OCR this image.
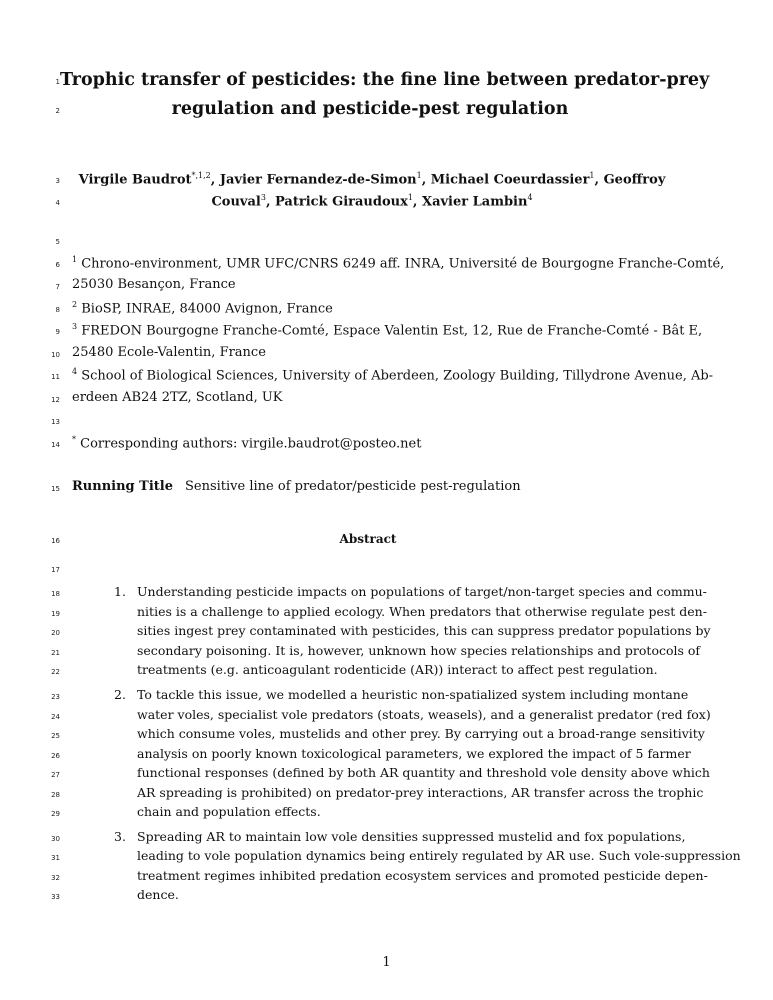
1
2
3
4
5
6
7
8
9
10
11
12
13
14
15
16
17
18
19
20
21
22
23
24
25
26
27
28
29
30
31
32
33
Trophic transfer of pesticides: the fine line between predator-prey
regulation and pesticide-pest regulation
Virgile Baudrot$^{*,1,2}$, Javier Fernandez-de-Simon$^1$, Michael Coeurdassier$^1$, Geoffroy
Couval$^3$, Patrick Giraudoux$^1$, Xavier Lambin$^4$
$^1$ Chrono-environment, UMR UFC/CNRS 6249 aff. INRA, Université de Bourgogne Franche-Comté,
25030 Besançon, France
$^2$ BioSP, INRAE, 84000 Avignon, France
$^3$ FREDON Bourgogne Franche-Comté, Espace Valentin Est, 12, Rue de Franche-Comté - Bât E,
25480 Ecole-Valentin, France
$^4$ School of Biological Sciences, University of Aberdeen, Zoology Building, Tillydrone Avenue, Ab-
erdeen AB24 2TZ, Scotland, UK
* Corresponding authors: virgile.baudrot@posteo.net
Running Title Sensitive line of predator/pesticide pest-regulation
Abstract
1. Understanding pesticide impacts on populations of target/non-target species and commu-
nities is a challenge to applied ecology. When predators that otherwise regulate pest den-
sities ingest prey contaminated with pesticides, this can suppress predator populations by
secondary poisoning. It is, however, unknown how species relationships and protocols of
treatments (e.g. anticoagulant rodenticide (AR)) interact to affect pest regulation.
2. To tackle this issue, we modelled a heuristic non-spatialized system including montane
water voles, specialist vole predators (stoats, weasels), and a generalist predator (red fox)
which consume voles, mustelids and other prey. By carrying out a broad-range sensitivity
analysis on poorly known toxicological parameters, we explored the impact of 5 farmer
functional responses (defined by both AR quantity and threshold vole density above which
AR spreading is prohibited) on predator-prey interactions, AR transfer across the trophic
chain and population effects.
3. Spreading AR to maintain low vole densities suppressed mustelid and fox populations,
leading to vole population dynamics being entirely regulated by AR use. Such vole-suppression
treatment regimes inhibited predation ecosystem services and promoted pesticide depen-
dence.
1
